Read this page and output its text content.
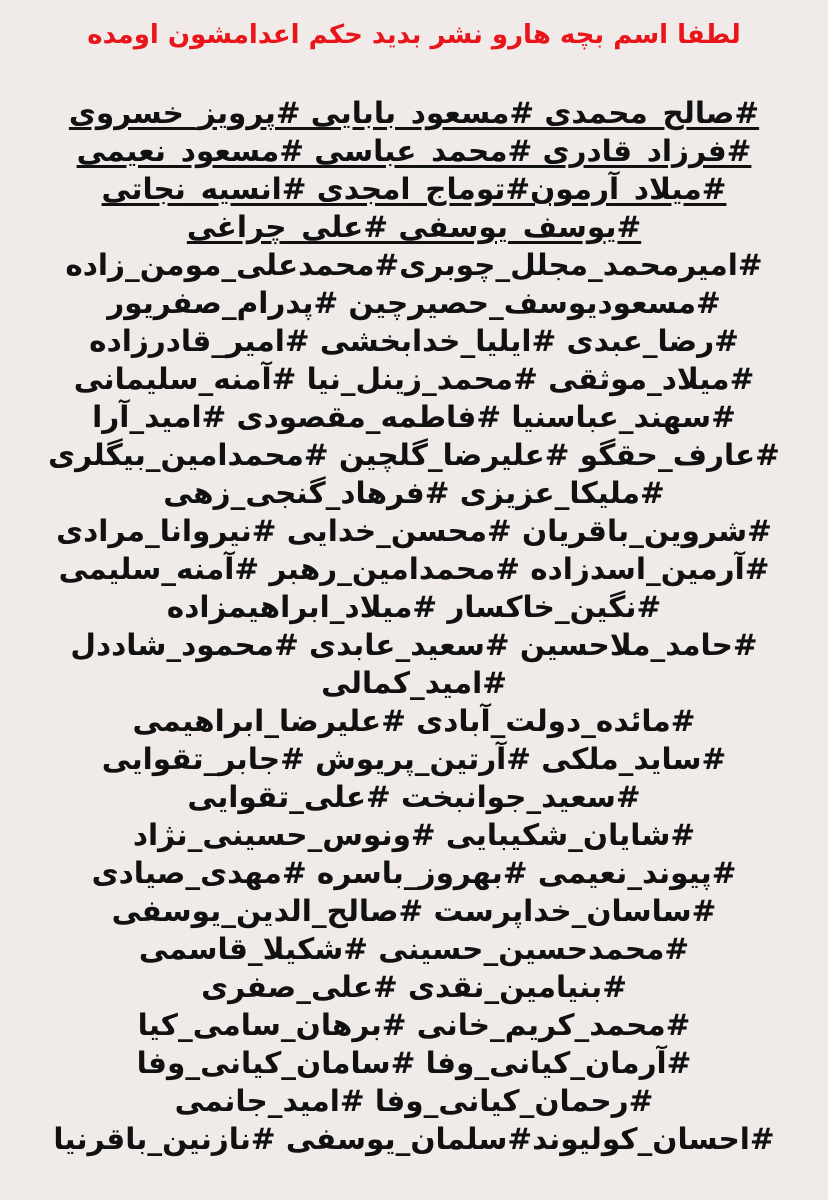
لطفا اسم بچه هارو نشر بدید حکم اعدامشون اومده
#صالح_محمدی #مسعود_بابایی #پرویز_خسروی
#فرزاد_قادری #محمد_عباسی #مسعود_نعیمی
#میلاد_آرمون#توماج_امجدی #انسیه_نجاتی
#یوسف_یوسفی #علی_چراغی
#امیرمحمد_مجلل_چوبری#محمدعلی_مومن_زاده
#مسعودیوسف_حصیرچین #پدرام_صفریور
#رضا_عبدی #ایلیا_خدابخشی #امیر_قادرزاده
#میلاد_موثقی #محمد_زینل_نیا #آمنه_سلیمانی
#سهند_عباسنیا #فاطمه_مقصودی #امید_آرا
#عارف_حقگو #علیرضا_گلچین #محمدامین_بیگلری
#ملیکا_عزیزی #فرهاد_گنجی_زهی
#شروین_باقریان #محسن_خدایی #نیروانا_مرادی
#آرمین_اسدزاده #محمدامین_رهبر #آمنه_سلیمی
#نگین_خاکسار #میلاد_ابراهیمزاده
#حامد_ملاحسین #سعید_عابدی #محمود_شاددل
#امید_کمالی
#مائده_دولت_آبادی #علیرضا_ابراهیمی
#ساید_ملکی #آرتین_پریوش #جابر_تقوایی
#سعید_جوانبخت #علی_تقوایی
#شایان_شکیبایی #ونوس_حسینی_نژاد
#پیوند_نعیمی #بهروز_باسره #مهدی_صیادی
#ساسان_خداپرست #صالح_الدین_یوسفی
#محمدحسین_حسینی #شکیلا_قاسمی
#بنیامین_نقدی #علی_صفری
#محمد_کریم_خانی #برهان_سامی_کیا
#آرمان_کیانی_وفا #سامان_کیانی_وفا
#رحمان_کیانی_وفا #امید_جانمی
#احسان_کولیوند#سلمان_یوسفی #نازنین_باقرنیا
